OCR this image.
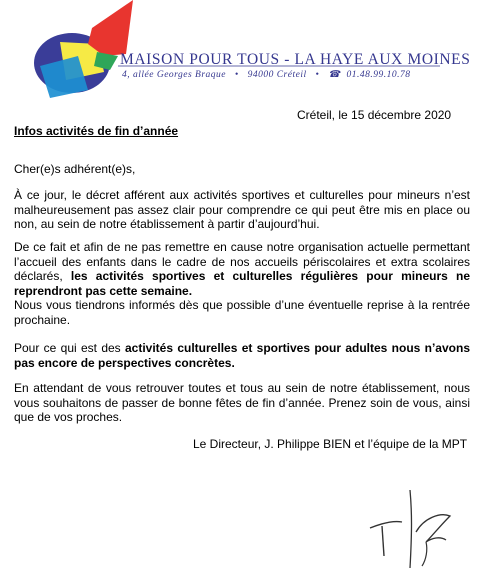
MAISON POUR TOUS - LA HAYE AUX MOINES
4, allée Georges Braque • 94000 Créteil • ☎ 01.48.99.10.78
Créteil, le 15 décembre 2020
Infos activités de fin d’année
Cher(e)s adhérent(e)s,
À ce jour, le décret afférent aux activités sportives et culturelles pour mineurs n’est malheureusement pas assez clair pour comprendre ce qui peut être mis en place ou non, au sein de notre établissement à partir d’aujourd’hui.
De ce fait et afin de ne pas remettre en cause notre organisation actuelle permettant l’accueil des enfants dans le cadre de nos accueils périscolaires et extra scolaires déclarés, les activités sportives et culturelles régulières pour mineurs ne reprendront pas cette semaine.
Nous vous tiendrons informés dès que possible d’une éventuelle reprise à la rentrée prochaine.
Pour ce qui est des activités culturelles et sportives pour adultes nous n’avons pas encore de perspectives concrètes.
En attendant de vous retrouver toutes et tous au sein de notre établissement, nous vous souhaitons de passer de bonne fêtes de fin d’année. Prenez soin de vous, ainsi que de vos proches.
Le Directeur, J. Philippe BIEN et l’équipe de la MPT
